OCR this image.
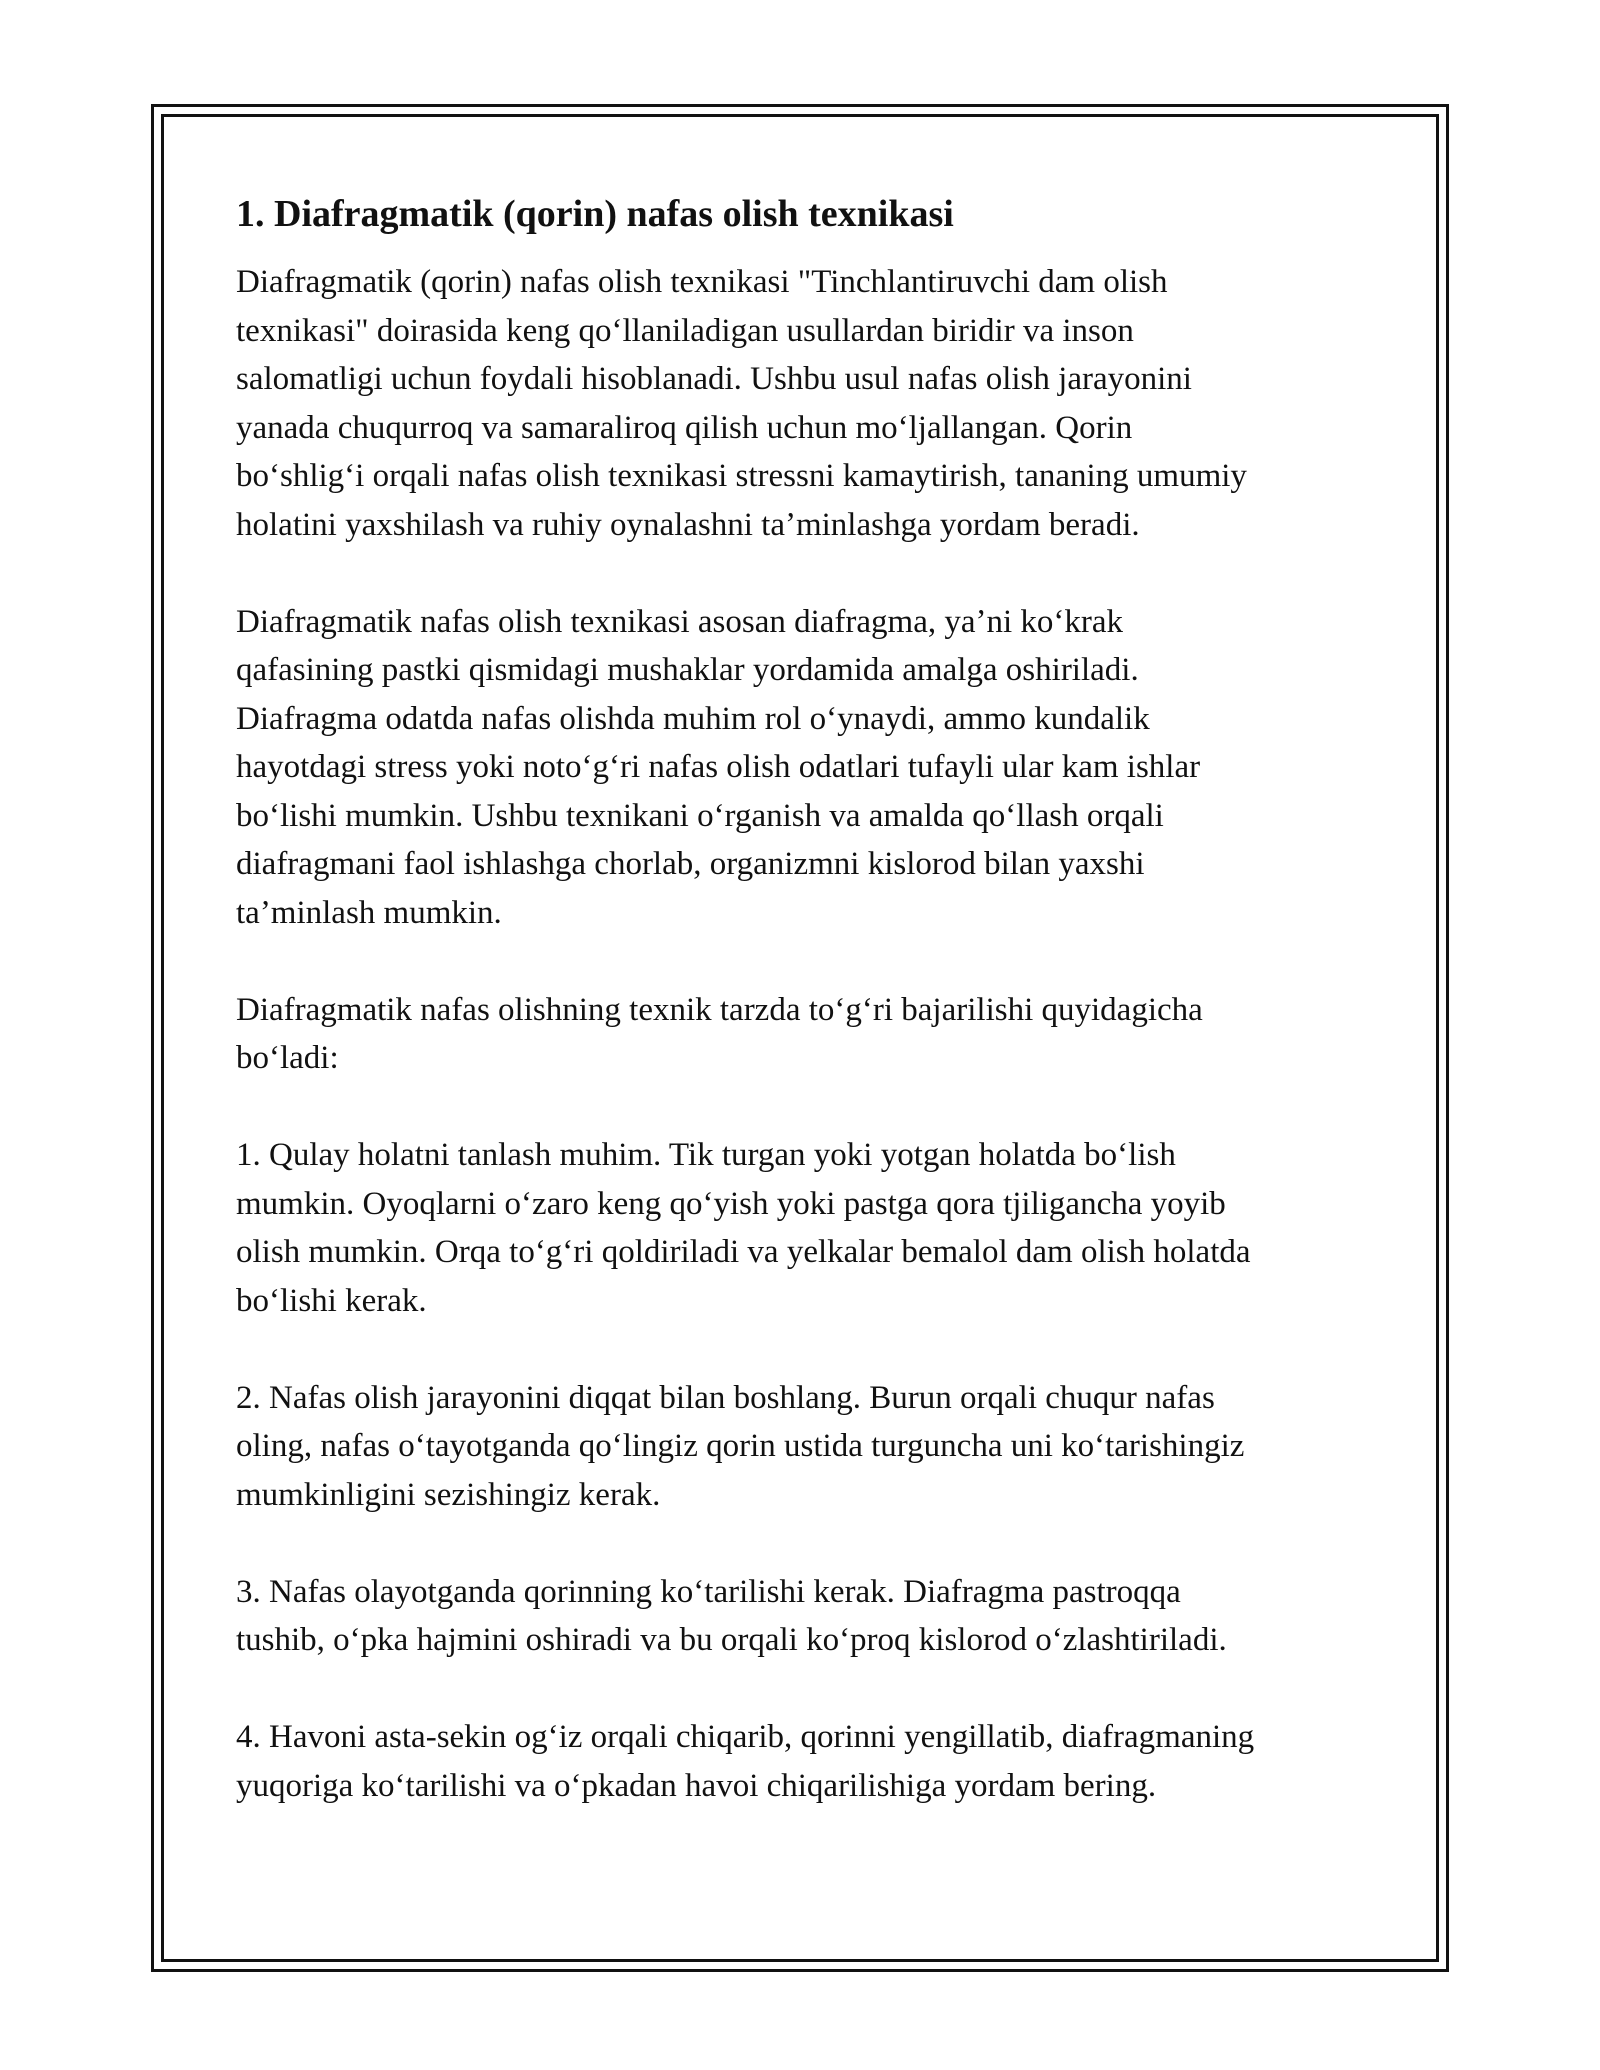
1. Diafragmatik (qorin) nafas olish texnikasi

Diafragmatik (qorin) nafas olish texnikasi "Tinchlantiruvchi dam olish
texnikasi" doirasida keng qoʻllaniladigan usullardan biridir va inson
salomatligi uchun foydali hisoblanadi. Ushbu usul nafas olish jarayonini
yanada chuqurroq va samaraliroq qilish uchun moʻljallangan. Qorin
boʻshligʻi orqali nafas olish texnikasi stressni kamaytirish, tananing umumiy
holatini yaxshilash va ruhiy oynalashni taʼminlashga yordam beradi.

Diafragmatik nafas olish texnikasi asosan diafragma, yaʼni koʻkrak
qafasining pastki qismidagi mushaklar yordamida amalga oshiriladi.
Diafragma odatda nafas olishda muhim rol oʻynaydi, ammo kundalik
hayotdagi stress yoki notoʻgʻri nafas olish odatlari tufayli ular kam ishlar
boʻlishi mumkin. Ushbu texnikani oʻrganish va amalda qoʻllash orqali
diafragmani faol ishlashga chorlab, organizmni kislorod bilan yaxshi
taʼminlash mumkin.

Diafragmatik nafas olishning texnik tarzda toʻgʻri bajarilishi quyidagicha
boʻladi:

1. Qulay holatni tanlash muhim. Tik turgan yoki yotgan holatda boʻlish
mumkin. Oyoqlarni oʻzaro keng qoʻyish yoki pastga qora tjiligancha yoyib
olish mumkin. Orqa toʻgʻri qoldiriladi va yelkalar bemalol dam olish holatda
boʻlishi kerak.

2. Nafas olish jarayonini diqqat bilan boshlang. Burun orqali chuqur nafas
oling, nafas oʻtayotganda qoʻlingiz qorin ustida turguncha uni koʻtarishingiz
mumkinligini sezishingiz kerak.

3. Nafas olayotganda qorinning koʻtarilishi kerak. Diafragma pastroqqa
tushib, oʻpka hajmini oshiradi va bu orqali koʻproq kislorod oʻzlashtiriladi.

4. Havoni asta-sekin ogʻiz orqali chiqarib, qorinni yengillatib, diafragmaning
yuqoriga koʻtarilishi va oʻpkadan havoi chiqarilishiga yordam bering.
